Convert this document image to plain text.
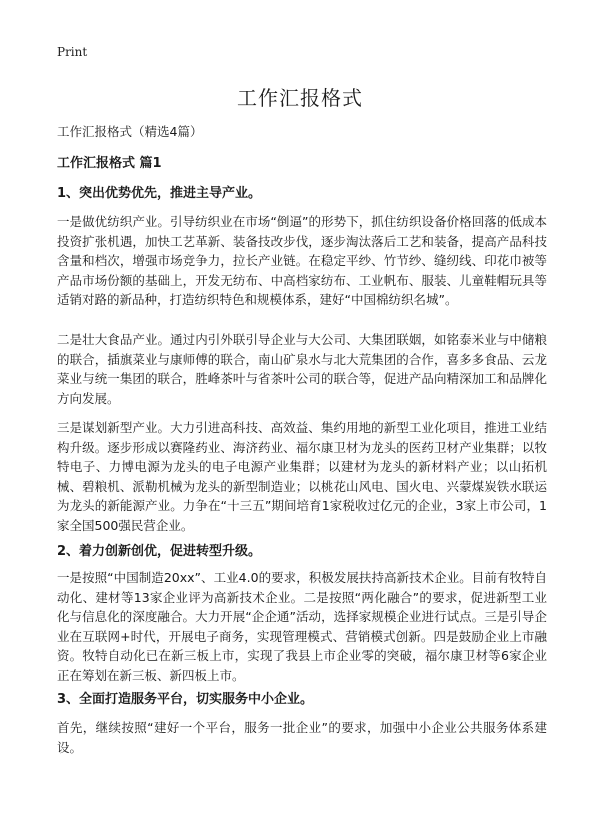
Print
工作汇报格式
工作汇报格式（精选4篇）
工作汇报格式 篇1
1、突出优势优先，推进主导产业。

一是做优纺织产业。引导纺织业在市场“倒逼”的形势下，抓住纺织设备价格回落的低成本投资扩张机遇，加快工艺革新、装备技改步伐，逐步淘汰落后工艺和装备，提高产品科技含量和档次，增强市场竞争力，拉长产业链。在稳定平纱、竹节纱、缝纫线、印花巾被等产品市场份额的基础上，开发无纺布、中高档家纺布、工业帆布、服装、儿童鞋帽玩具等适销对路的新品种，打造纺织特色和规模体系，建好“中国棉纺织名城”。

二是壮大食品产业。通过内引外联引导企业与大公司、大集团联姻，如铭泰米业与中储粮的联合，插旗菜业与康师傅的联合，南山矿泉水与北大荒集团的合作，喜多多食品、云龙菜业与统一集团的联合，胜峰茶叶与省茶叶公司的联合等，促进产品向精深加工和品牌化方向发展。

三是谋划新型产业。大力引进高科技、高效益、集约用地的新型工业化项目，推进工业结构升级。逐步形成以赛隆药业、海济药业、福尔康卫材为龙头的医药卫材产业集群；以牧特电子、力博电源为龙头的电子电源产业集群；以建材为龙头的新材料产业；以山拓机械、碧粮机、派勒机械为龙头的新型制造业；以桃花山风电、国火电、兴蒙煤炭铁水联运为龙头的新能源产业。力争在“十三五”期间培育1家税收过亿元的企业，3家上市公司，1家全国500强民营企业。

2、着力创新创优，促进转型升级。

一是按照“中国制造20xx”、工业4.0的要求，积极发展扶持高新技术企业。目前有牧特自动化、建材等13家企业评为高新技术企业。二是按照“两化融合”的要求，促进新型工业化与信息化的深度融合。大力开展“企企通”活动，选择家规模企业进行试点。三是引导企业在互联网+时代，开展电子商务，实现管理模式、营销模式创新。四是鼓励企业上市融资。牧特自动化已在新三板上市，实现了我县上市企业零的突破，福尔康卫材等6家企业正在筹划在新三板、新四板上市。

3、全面打造服务平台，切实服务中小企业。

首先，继续按照“建好一个平台，服务一批企业”的要求，加强中小企业公共服务体系建设。
